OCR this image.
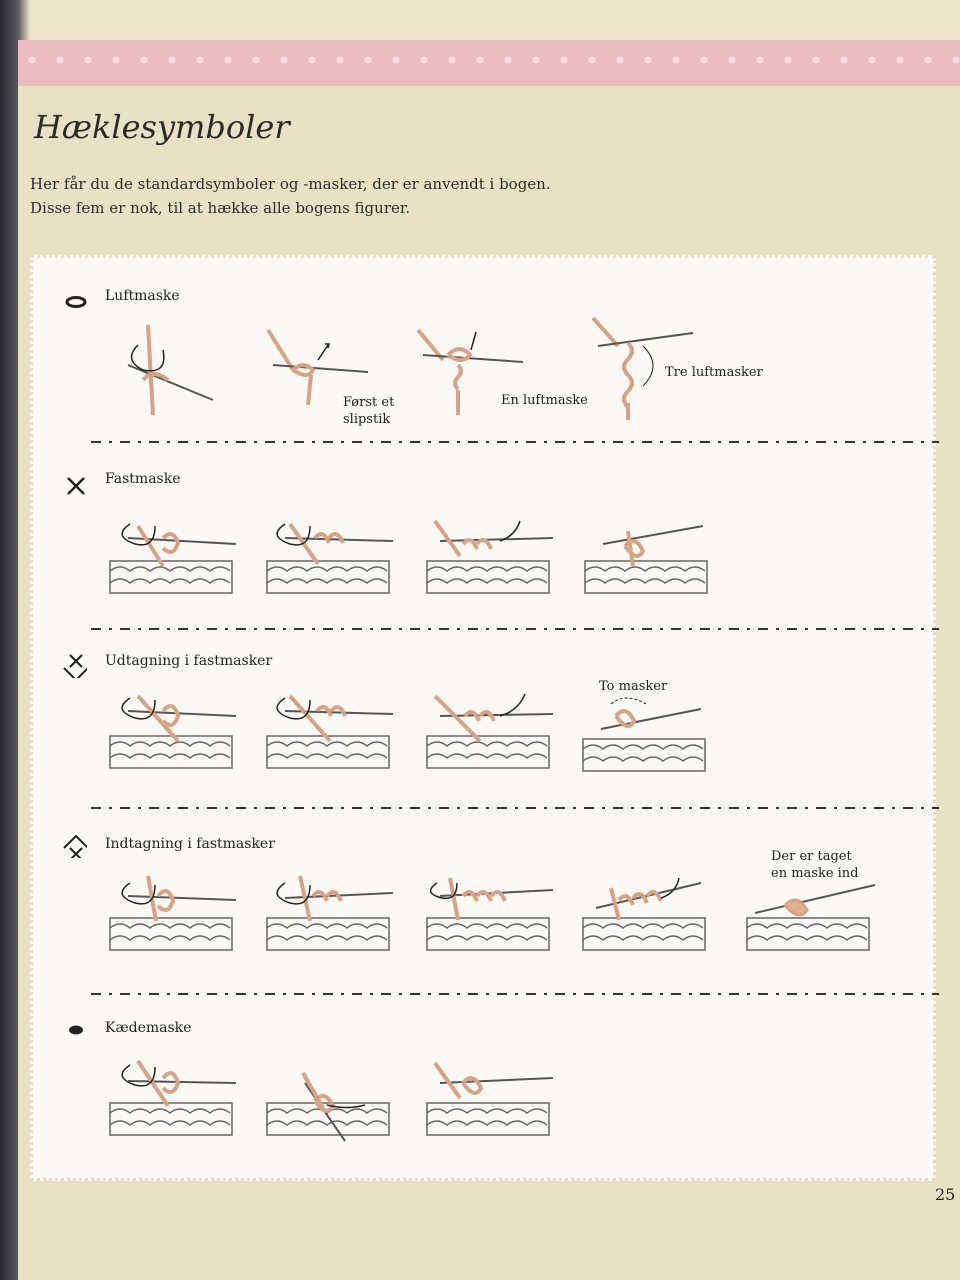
Hæklesymboler
Her får du de standardsymboler og -masker, der er anvendt i bogen.
Disse fem er nok, til at hække alle bogens figurer.
Luftmaske
Først et
slipstik
En luftmaske
Tre luftmasker
Fastmaske
Udtagning i fastmasker
To masker
Indtagning i fastmasker
Der er taget
en maske ind
Kædemaske
25
